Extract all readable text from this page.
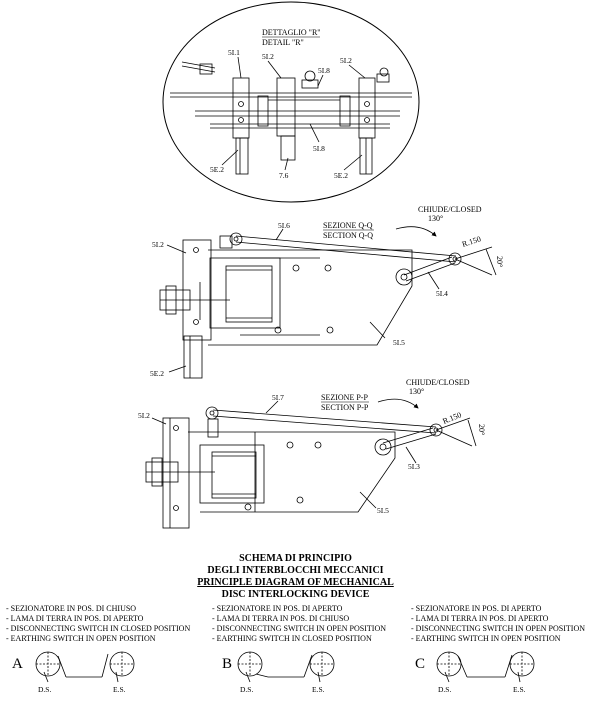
DETTAGLIO "R"
DETAIL "R"
5I.1	5I.2
5I.8
5I.2
5I.8
5E.2
7.6	5E.2
SEZIONE Q-Q
SECTION Q-Q
CHIUDE/CLOSED
130°
R.150
20°
5I.6
5I.2
5I.4
5I.5
5E.2
SEZIONE P-P
SECTION P-P
CHIUDE/CLOSED
130°
R.150
20°
5I.7
5I.2
5I.3
5I.5
SCHEMA DI PRINCIPIO
DEGLI INTERBLOCCHI MECCANICI
PRINCIPLE DIAGRAM OF MECHANICAL
DISC INTERLOCKING DEVICE
- SEZIONATORE IN POS. DI CHIUSO
- LAMA DI TERRA IN POS. DI APERTO
- DISCONNECTING SWITCH IN CLOSED POSITION
- EARTHING SWITCH IN OPEN POSITION
- SEZIONATORE IN POS. DI APERTO
- LAMA DI TERRA IN POS. DI CHIUSO
- DISCONNECTING SWITCH IN OPEN POSITION
- EARTHING SWITCH IN CLOSED POSITION
- SEZIONATORE IN POS. DI APERTO
- LAMA DI TERRA IN POS. DI APERTO
- DISCONNECTING SWITCH IN OPEN POSITION
- EARTHING SWITCH IN OPEN POSITION
A	B	C
D.S.	E.S.	D.S.	E.S.	D.S.	E.S.
